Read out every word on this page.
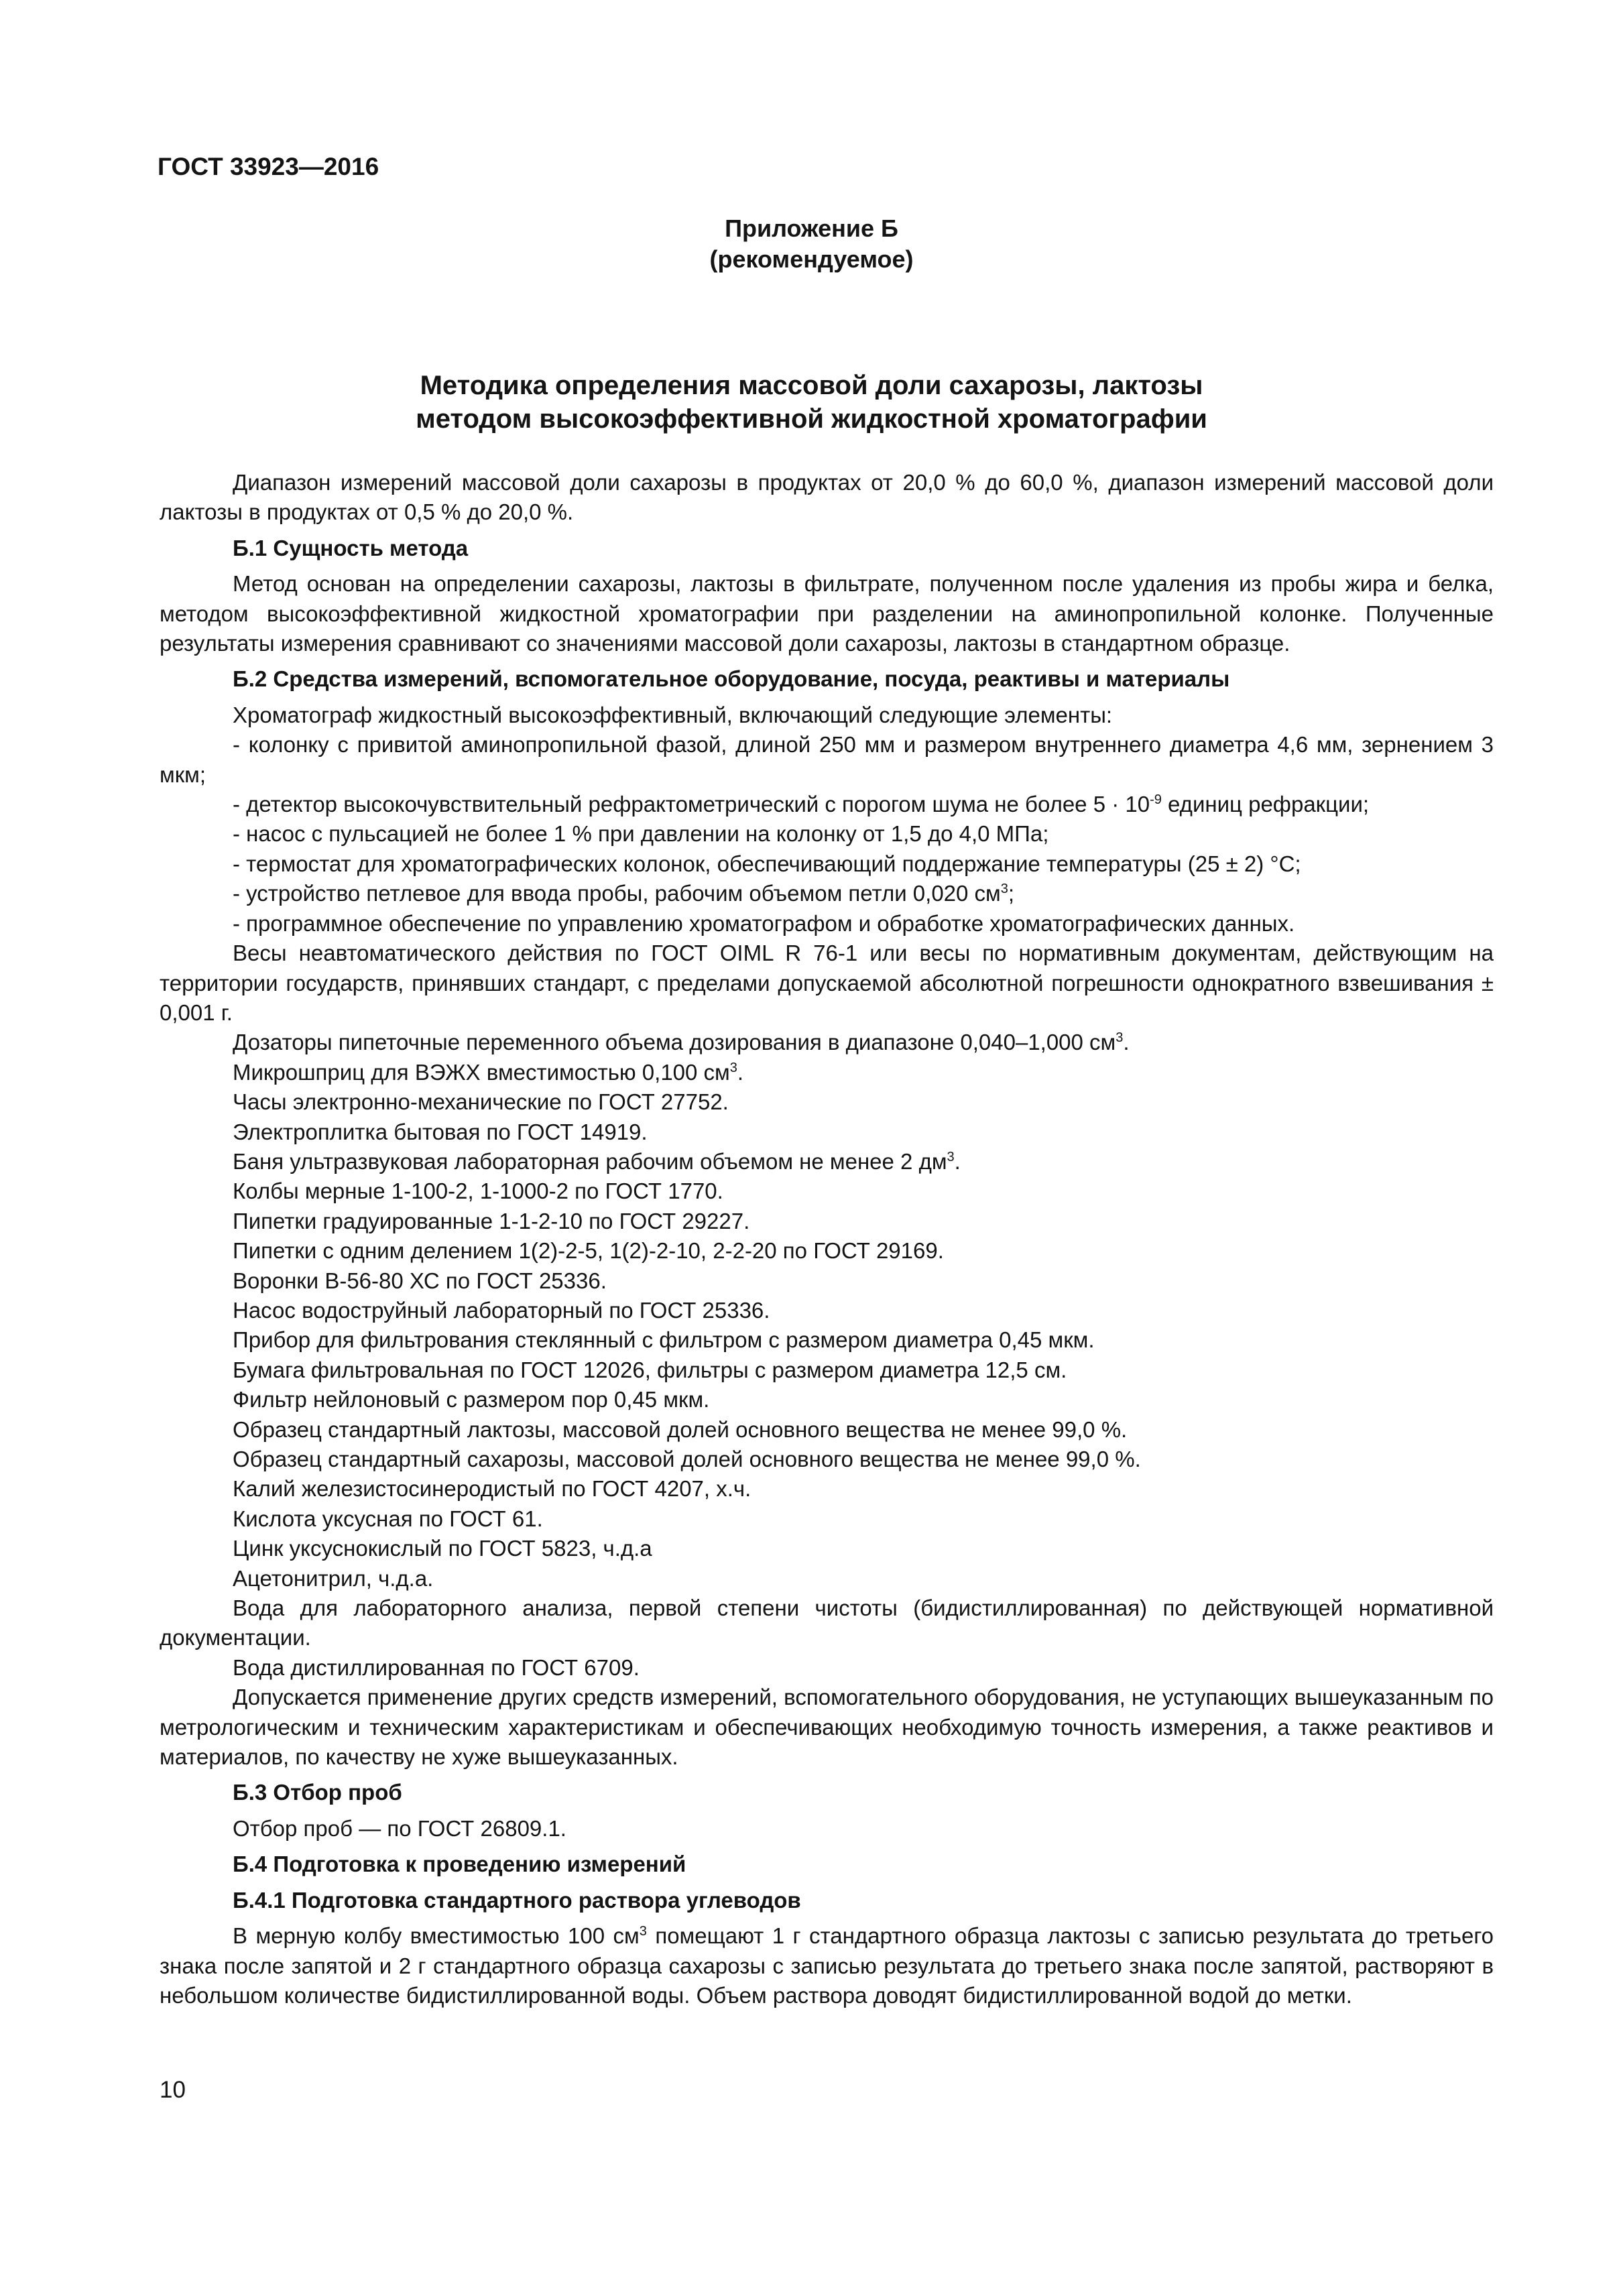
ГОСТ 33923—2016
Приложение Б
(рекомендуемое)
Методика определения массовой доли сахарозы, лактозы
методом высокоэффективной жидкостной хроматографии

Диапазон измерений массовой доли сахарозы в продуктах от 20,0 % до 60,0 %, диапазон измерений массовой доли лактозы в продуктах от 0,5 % до 20,0 %.

Б.1 Сущность метода

Метод основан на определении сахарозы, лактозы в фильтрате, полученном после удаления из пробы жира и белка, методом высокоэффективной жидкостной хроматографии при разделении на аминопропильной колонке. Полученные результаты измерения сравнивают со значениями массовой доли сахарозы, лактозы в стандартном образце.

Б.2 Средства измерений, вспомогательное оборудование, посуда, реактивы и материалы

Хроматограф жидкостный высокоэффективный, включающий следующие элементы:

- колонку с привитой аминопропильной фазой, длиной 250 мм и размером внутреннего диаметра 4,6 мм, зернением 3 мкм;

- детектор высокочувствительный рефрактометрический с порогом шума не более $5 \cdot 10^{-9}$ единиц рефракции;

- насос с пульсацией не более 1 % при давлении на колонку от 1,5 до 4,0 МПа;

- термостат для хроматографических колонок, обеспечивающий поддержание температуры (25 ± 2) °С;

- устройство петлевое для ввода пробы, рабочим объемом петли 0,020 $см^3$;

- программное обеспечение по управлению хроматографом и обработке хроматографических данных.

Весы неавтоматического действия по ГОСТ OIML R 76-1 или весы по нормативным документам, действующим на территории государств, принявших стандарт, с пределами допускаемой абсолютной погрешности однократного взвешивания ± 0,001 г.

Дозаторы пипеточные переменного объема дозирования в диапазоне 0,040–1,000 $см^3$.

Микрошприц для ВЭЖХ вместимостью 0,100 $см^3$.

Часы электронно-механические по ГОСТ 27752.

Электроплитка бытовая по ГОСТ 14919.

Баня ультразвуковая лабораторная рабочим объемом не менее 2 $дм^3$.

Колбы мерные 1-100-2, 1-1000-2 по ГОСТ 1770.

Пипетки градуированные 1-1-2-10 по ГОСТ 29227.

Пипетки с одним делением 1(2)-2-5, 1(2)-2-10, 2-2-20 по ГОСТ 29169.

Воронки В-56-80 ХС по ГОСТ 25336.

Насос водоструйный лабораторный по ГОСТ 25336.

Прибор для фильтрования стеклянный с фильтром с размером диаметра 0,45 мкм.

Бумага фильтровальная по ГОСТ 12026, фильтры с размером диаметра 12,5 см.

Фильтр нейлоновый с размером пор 0,45 мкм.

Образец стандартный лактозы, массовой долей основного вещества не менее 99,0 %.

Образец стандартный сахарозы, массовой долей основного вещества не менее 99,0 %.

Калий железистосинеродистый по ГОСТ 4207, х.ч.

Кислота уксусная по ГОСТ 61.

Цинк уксуснокислый по ГОСТ 5823, ч.д.а

Ацетонитрил, ч.д.а.

Вода для лабораторного анализа, первой степени чистоты (бидистиллированная) по действующей нормативной документации.

Вода дистиллированная по ГОСТ 6709.

Допускается применение других средств измерений, вспомогательного оборудования, не уступающих вышеуказанным по метрологическим и техническим характеристикам и обеспечивающих необходимую точность измерения, а также реактивов и материалов, по качеству не хуже вышеуказанных.

Б.3 Отбор проб

Отбор проб — по ГОСТ 26809.1.

Б.4 Подготовка к проведению измерений

Б.4.1 Подготовка стандартного раствора углеводов

В мерную колбу вместимостью 100 $см^3$ помещают 1 г стандартного образца лактозы с записью результата до третьего знака после запятой и 2 г стандартного образца сахарозы с записью результата до третьего знака после запятой, растворяют в небольшом количестве бидистиллированной воды. Объем раствора доводят бидистиллированной водой до метки.

10
